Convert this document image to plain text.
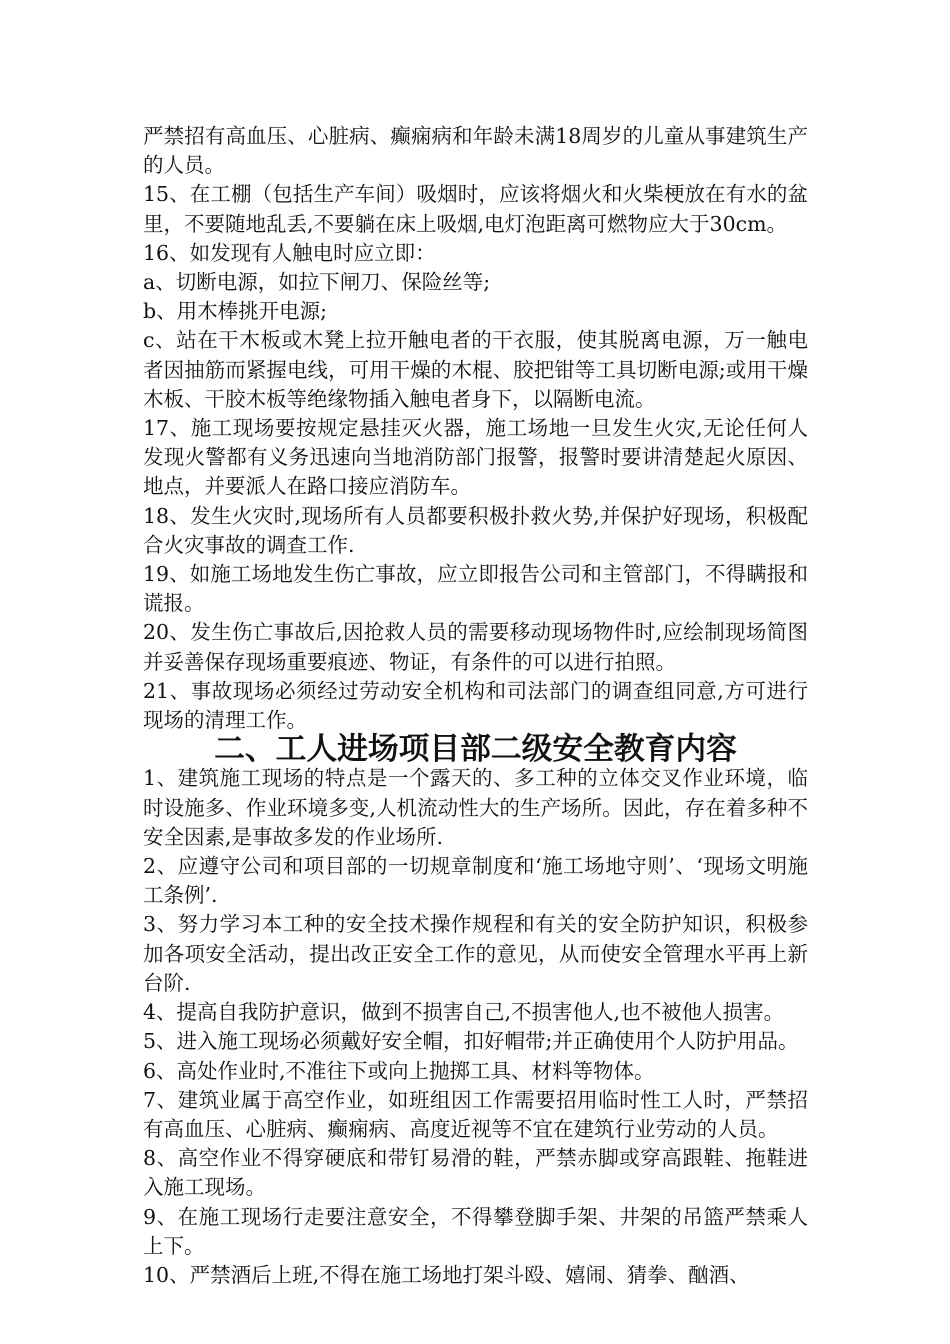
严禁招有高血压、心脏病、癫痫病和年龄未满18周岁的儿童从事建筑生产的人员。

15、在工棚（包括生产车间）吸烟时，应该将烟火和火柴梗放在有水的盆里，不要随地乱丢,不要躺在床上吸烟,电灯泡距离可燃物应大于30cm。

16、如发现有人触电时应立即：

a、切断电源，如拉下闸刀、保险丝等;

b、用木棒挑开电源;

c、站在干木板或木凳上拉开触电者的干衣服，使其脱离电源，万一触电者因抽筋而紧握电线，可用干燥的木棍、胶把钳等工具切断电源;或用干燥木板、干胶木板等绝缘物插入触电者身下，以隔断电流。

17、施工现场要按规定悬挂灭火器，施工场地一旦发生火灾,无论任何人发现火警都有义务迅速向当地消防部门报警，报警时要讲清楚起火原因、地点，并要派人在路口接应消防车。

18、发生火灾时,现场所有人员都要积极扑救火势,并保护好现场，积极配合火灾事故的调查工作.

19、如施工场地发生伤亡事故，应立即报告公司和主管部门，不得瞒报和谎报。

20、发生伤亡事故后,因抢救人员的需要移动现场物件时,应绘制现场简图并妥善保存现场重要痕迹、物证，有条件的可以进行拍照。

21、事故现场必须经过劳动安全机构和司法部门的调查组同意,方可进行现场的清理工作。

二、工人进场项目部二级安全教育内容

1、建筑施工现场的特点是一个露天的、多工种的立体交叉作业环境，临时设施多、作业环境多变,人机流动性大的生产场所。因此，存在着多种不安全因素,是事故多发的作业场所.

2、应遵守公司和项目部的一切规章制度和‘施工场地守则’、‘现场文明施工条例’.

3、努力学习本工种的安全技术操作规程和有关的安全防护知识，积极参加各项安全活动，提出改正安全工作的意见，从而使安全管理水平再上新台阶.

4、提高自我防护意识，做到不损害自己,不损害他人,也不被他人损害。

5、进入施工现场必须戴好安全帽，扣好帽带;并正确使用个人防护用品。

6、高处作业时,不准往下或向上抛掷工具、材料等物体。

7、建筑业属于高空作业，如班组因工作需要招用临时性工人时，严禁招有高血压、心脏病、癫痫病、高度近视等不宜在建筑行业劳动的人员。

8、高空作业不得穿硬底和带钉易滑的鞋，严禁赤脚或穿高跟鞋、拖鞋进入施工现场。

9、在施工现场行走要注意安全，不得攀登脚手架、井架的吊篮严禁乘人上下。

10、严禁酒后上班,不得在施工场地打架斗殴、嬉闹、猜拳、酗酒、
